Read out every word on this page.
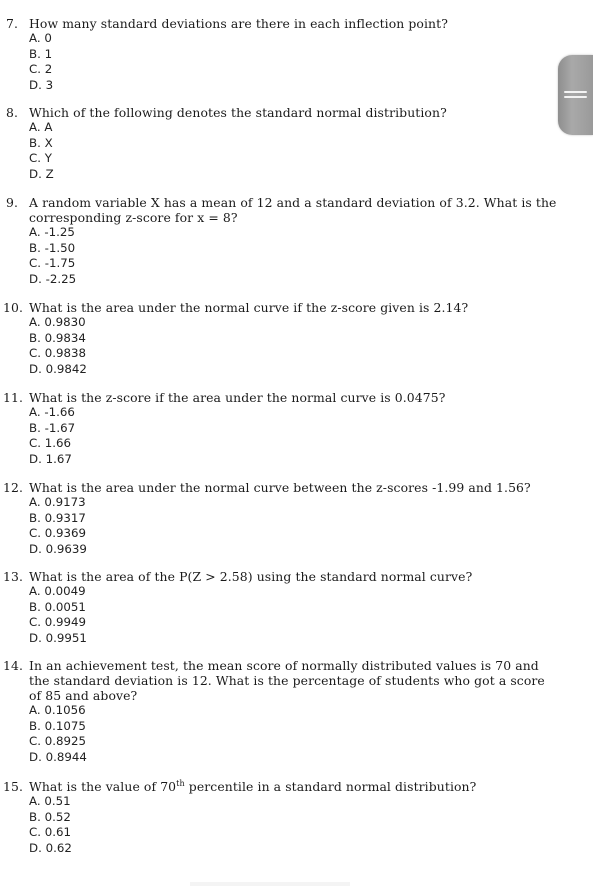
7. How many standard deviations are there in each inflection point?

A. 0
B. 1
C. 2
D. 3

8. Which of the following denotes the standard normal distribution?

A. A
B. X
C. Y
D. Z

9. A random variable X has a mean of 12 and a standard deviation of 3.2. What is the corresponding z-score for x = 8?

A. -1.25
B. -1.50
C. -1.75
D. -2.25

10. What is the area under the normal curve if the z-score given is 2.14?

A. 0.9830
B. 0.9834
C. 0.9838
D. 0.9842

11. What is the z-score if the area under the normal curve is 0.0475?

A. -1.66
B. -1.67
C. 1.66
D. 1.67

12. What is the area under the normal curve between the z-scores -1.99 and 1.56?

A. 0.9173
B. 0.9317
C. 0.9369
D. 0.9639

13. What is the area of the P(Z > 2.58) using the standard normal curve?

A. 0.0049
B. 0.0051
C. 0.9949
D. 0.9951

14. In an achievement test, the mean score of normally distributed values is 70 and the standard deviation is 12. What is the percentage of students who got a score of 85 and above?

A. 0.1056
B. 0.1075
C. 0.8925
D. 0.8944

15. What is the value of 70th percentile in a standard normal distribution?

A. 0.51
B. 0.52
C. 0.61
D. 0.62
